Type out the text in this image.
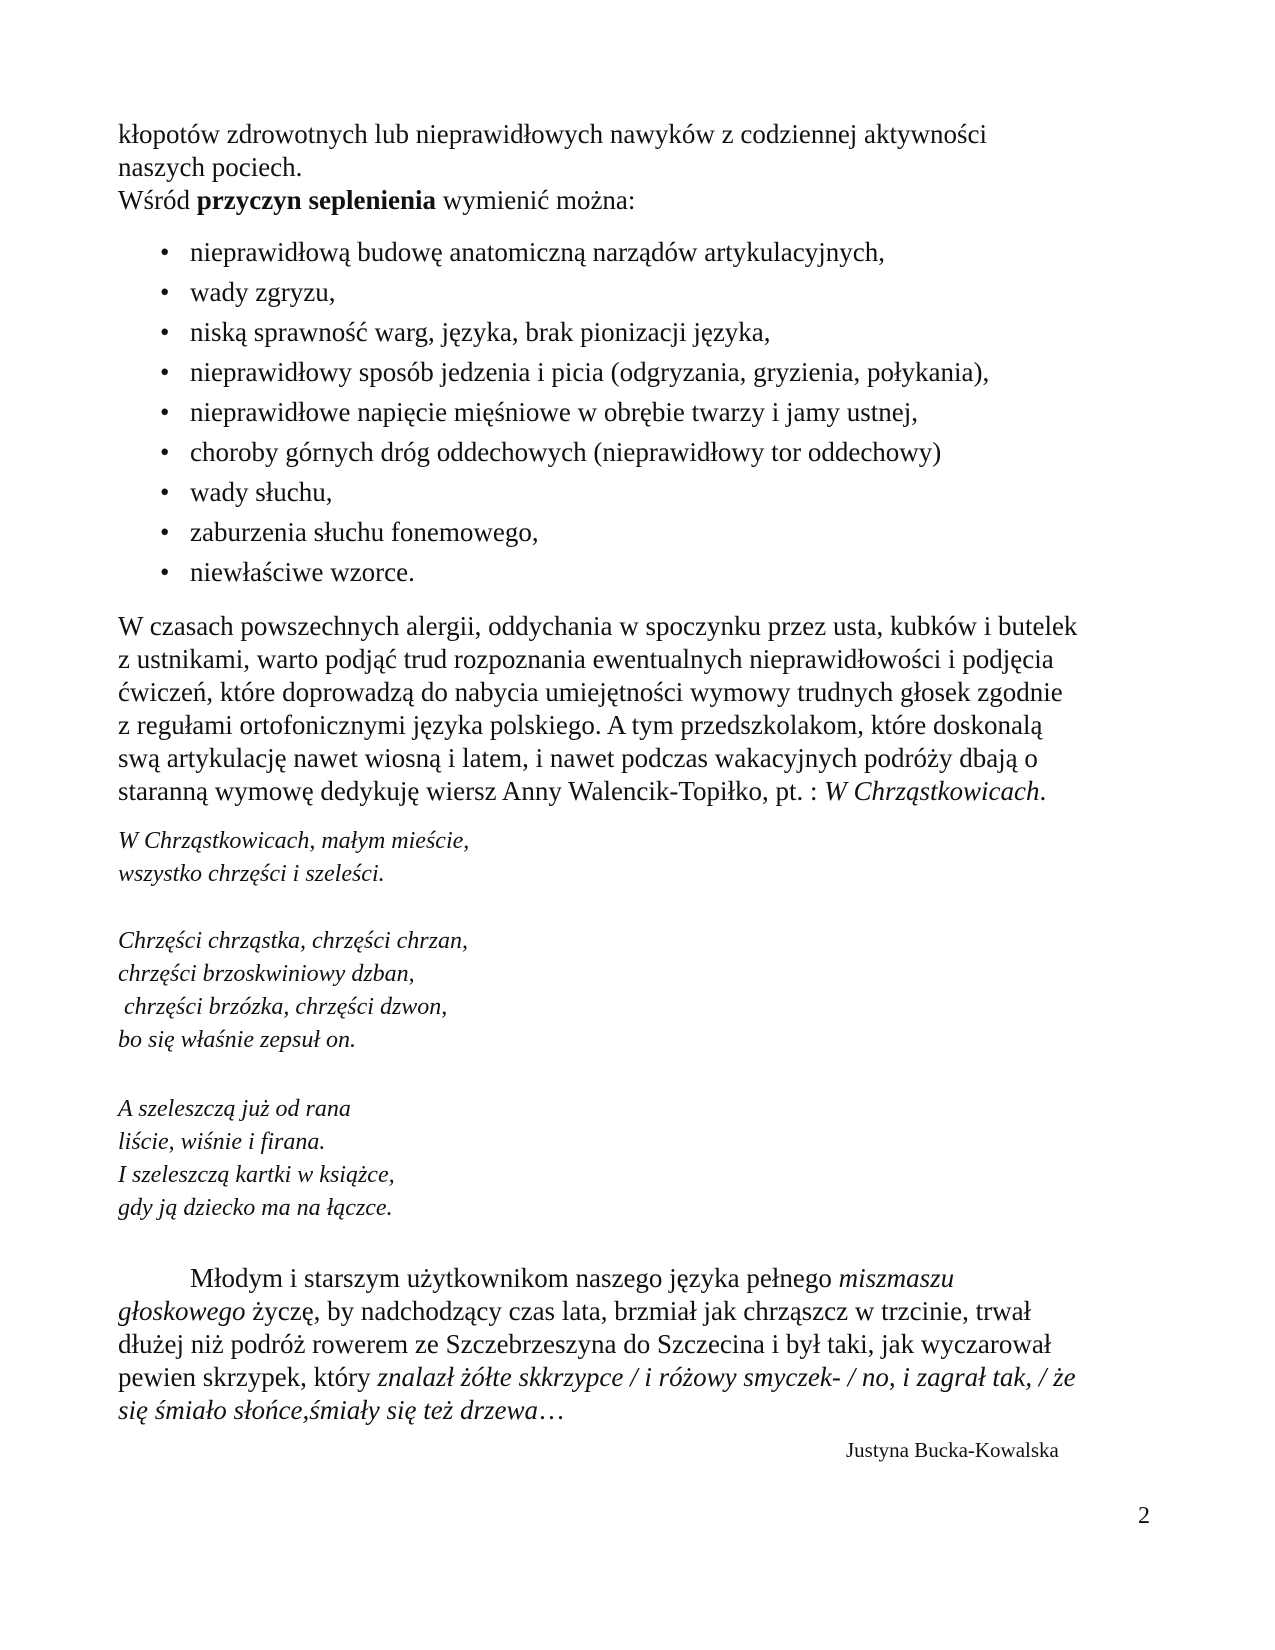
kłopotów zdrowotnych lub nieprawidłowych nawyków z codziennej aktywności

naszych pociech.

Wśród przyczyn seplenienia wymienić można:

• nieprawidłową budowę anatomiczną narządów artykulacyjnych,
• wady zgryzu,
• niską sprawność warg, języka, brak pionizacji języka,
• nieprawidłowy sposób jedzenia i picia (odgryzania, gryzienia, połykania),
• nieprawidłowe napięcie mięśniowe w obrębie twarzy i jamy ustnej,
• choroby górnych dróg oddechowych (nieprawidłowy tor oddechowy)
• wady słuchu,
• zaburzenia słuchu fonemowego,
• niewłaściwe wzorce.

W czasach powszechnych alergii, oddychania w spoczynku przez usta, kubków i butelek

z ustnikami, warto podjąć trud rozpoznania ewentualnych nieprawidłowości i podjęcia

ćwiczeń, które doprowadzą do nabycia umiejętności wymowy trudnych głosek zgodnie

z regułami ortofonicznymi języka polskiego. A tym przedszkolakom, które doskonalą

swą artykulację nawet wiosną i latem, i nawet podczas wakacyjnych podróży dbają o

staranną wymowę dedykuję wiersz Anny Walencik-Topiłko, pt. : W Chrząstkowicach.

W Chrząstkowicach, małym mieście,
wszystko chrzęści i szeleści.
Chrzęści chrząstka, chrzęści chrzan,
chrzęści brzoskwiniowy dzban,
chrzęści brzózka, chrzęści dzwon,
bo się właśnie zepsuł on.
A szeleszczą już od rana
liście, wiśnie i firana.
I szeleszczą kartki w książce,
gdy ją dziecko ma na łączce.

Młodym i starszym użytkownikom naszego języka pełnego miszmaszu

głoskowego życzę, by nadchodzący czas lata, brzmiał jak chrząszcz w trzcinie, trwał

dłużej niż podróż rowerem ze Szczebrzeszyna do Szczecina i był taki, jak wyczarował

pewien skrzypek, który znalazł żółte skkrzypce / i różowy smyczek- / no, i zagrał tak, / że

się śmiało słońce,śmiały się też drzewa…

Justyna Bucka-Kowalska
2
